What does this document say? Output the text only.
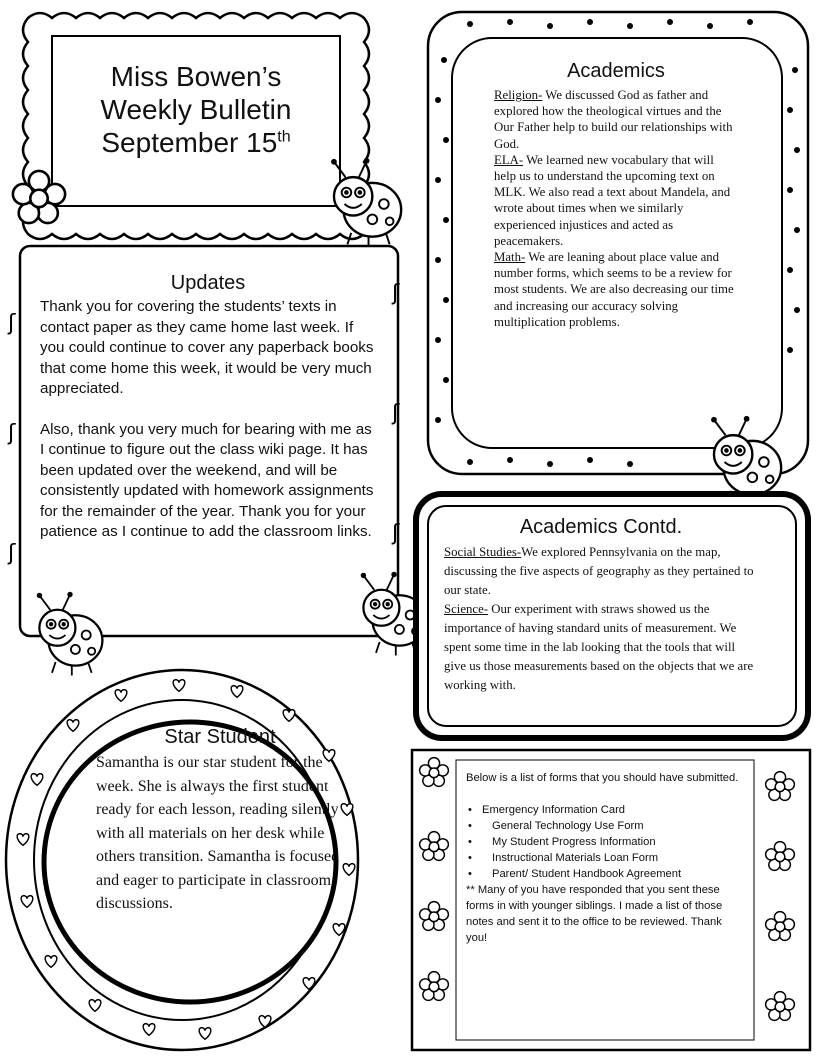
ʃ
ʃ
ʃ
ʃ
ʃ
ʃ
Miss Bowen’s
Weekly Bulletin
September 15th
Academics

Religion- We discussed God as father and explored how the theological virtues and the Our Father help to build our relationships with God.

ELA- We learned new vocabulary that will help us to understand the upcoming text on MLK. We also read a text about Mandela, and wrote about times when we similarly experienced injustices and acted as peacemakers.

Math- We are leaning about place value and number forms, which seems to be a review for most students. We are also decreasing our time and increasing our accuracy solving multiplication problems.

Updates

Thank you for covering the students’ texts in contact paper as they came home last week. If you could continue to cover any paperback books that come home this week, it would be very much appreciated.

Also, thank you very much for bearing with me as I continue to figure out the class wiki page. It has been updated over the weekend, and will be consistently updated with homework assignments for the remainder of the year. Thank you for your patience as I continue to add the classroom links.	Academics Contd.

Social Studies-We explored Pennsylvania on the map, discussing the five aspects of geography as they pertained to our state.

Science- Our experiment with straws showed us the importance of having standard units of measurement. We spent some time in the lab looking that the tools that will give us those measurements based on the objects that we are working with.

Star Student

Samantha is our star student for the week. She is always the first student ready for each lesson, reading silently with all materials on her desk while others transition. Samantha is focused and eager to participate in classroom discussions.

Below is a list of forms that you should have submitted.

• Emergency Information Card
• General Technology Use Form
• My Student Progress Information
• Instructional Materials Loan Form
• Parent/ Student Handbook Agreement

** Many of you have responded that you sent these forms in with younger siblings. I made a list of those notes and sent it to the office to be reviewed. Thank you!
